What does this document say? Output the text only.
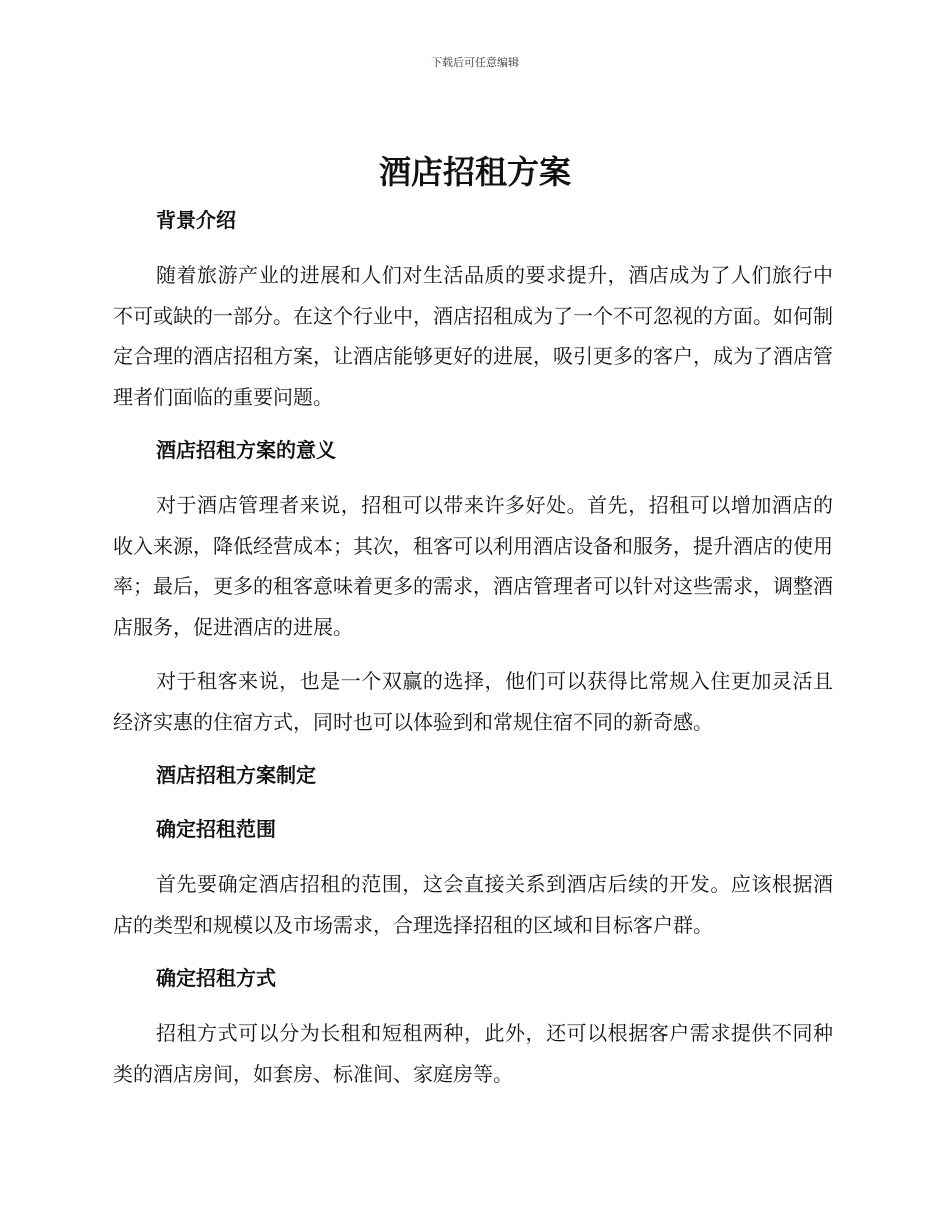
下载后可任意编辑
酒店招租方案
背景介绍

随着旅游产业的进展和人们对生活品质的要求提升，酒店成为了人们旅行中不可或缺的一部分。在这个行业中，酒店招租成为了一个不可忽视的方面。如何制定合理的酒店招租方案，让酒店能够更好的进展，吸引更多的客户，成为了酒店管理者们面临的重要问题。

酒店招租方案的意义

对于酒店管理者来说，招租可以带来许多好处。首先，招租可以增加酒店的收入来源，降低经营成本；其次，租客可以利用酒店设备和服务，提升酒店的使用率；最后，更多的租客意味着更多的需求，酒店管理者可以针对这些需求，调整酒店服务，促进酒店的进展。

对于租客来说，也是一个双赢的选择，他们可以获得比常规入住更加灵活且经济实惠的住宿方式，同时也可以体验到和常规住宿不同的新奇感。

酒店招租方案制定
确定招租范围

首先要确定酒店招租的范围，这会直接关系到酒店后续的开发。应该根据酒店的类型和规模以及市场需求，合理选择招租的区域和目标客户群。

确定招租方式

招租方式可以分为长租和短租两种，此外，还可以根据客户需求提供不同种类的酒店房间，如套房、标准间、家庭房等。
